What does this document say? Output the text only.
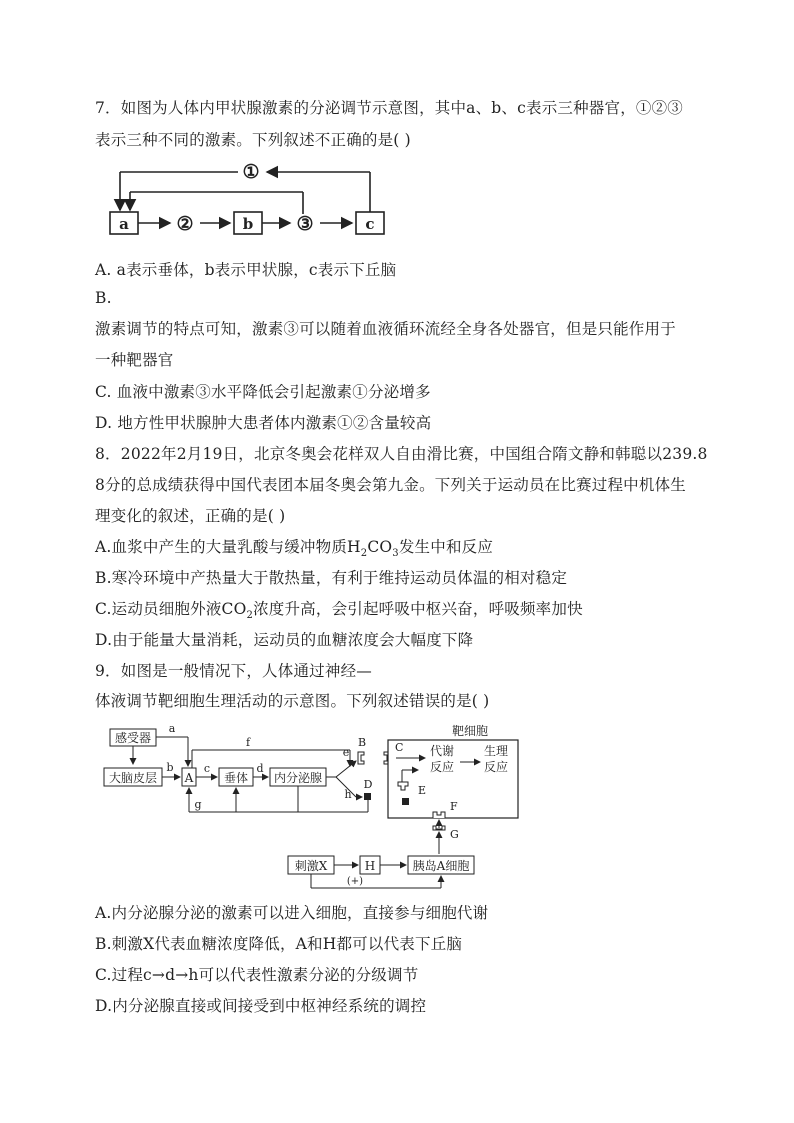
7．如图为人体内甲状腺激素的分泌调节示意图，其中a、b、c表示三种器官，①②③
表示三种不同的激素。下列叙述不正确的是( )
①
a	②	b ③	c
A. a表示垂体，b表示甲状腺，c表示下丘脑
B.
激素调节的特点可知，激素③可以随着血液循环流经全身各处器官，但是只能作用于
一种靶器官
C. 血液中激素③水平降低会引起激素①分泌增多
D. 地方性甲状腺肿大患者体内激素①②含量较高
8．2022年2月19日，北京冬奥会花样双人自由滑比赛，中国组合隋文静和韩聪以239.8
8分的总成绩获得中国代表团本届冬奥会第九金。下列关于运动员在比赛过程中机体生
理变化的叙述，正确的是( )
A.血浆中产生的大量乳酸与缓冲物质$H_2CO_3$发生中和反应
B.寒冷环境中产热量大于散热量，有利于维持运动员体温的相对稳定
C.运动员细胞外液$CO_2$浓度升高，会引起呼吸中枢兴奋，呼吸频率加快
D.由于能量大量消耗，运动员的血糖浓度会大幅度下降
9．如图是一般情况下，人体通过神经—
体液调节靶细胞生理活动的示意图。下列叙述错误的是( )
感受器
a
大脑皮层
b
A
f
c
垂体
d
内分泌腺
g
e
B
h
D
靶细胞
C 代谢
反应
生理
反应
E
F
G
刺激X	H	胰岛A细胞
(+)
A.内分泌腺分泌的激素可以进入细胞，直接参与细胞代谢
B.刺激X代表血糖浓度降低，A和H都可以代表下丘脑
C.过程c→d→h可以代表性激素分泌的分级调节
D.内分泌腺直接或间接受到中枢神经系统的调控
